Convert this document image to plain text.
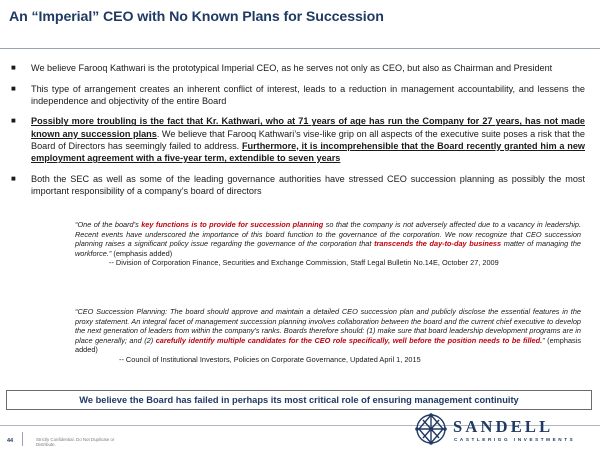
An “Imperial” CEO with No Known Plans for Succession
■	We believe Farooq Kathwari is the prototypical Imperial CEO, as he serves not only as CEO, but also as Chairman and President
■	This type of arrangement creates an inherent conflict of interest, leads to a reduction in management accountability, and lessens the independence and objectivity of the entire Board
■	Possibly more troubling is the fact that Kr. Kathwari, who at 71 years of age has run the Company for 27 years, has not made known any succession plans. We believe that Farooq Kathwari’s vise-like grip on all aspects of the executive suite poses a risk that the Board of Directors has seemingly failed to address. Furthermore, it is incomprehensible that the Board recently granted him a new employment agreement with a five-year term, extendible to seven years
■	Both the SEC as well as some of the leading governance authorities have stressed CEO succession planning as possibly the most important responsibility of a company’s board of directors
“One of the board’s key functions is to provide for succession planning so that the company is not adversely affected due to a vacancy in leadership. Recent events have underscored the importance of this board function to the governance of the corporation. We now recognize that CEO succession planning raises a significant policy issue regarding the governance of the corporation that transcends the day-to-day business matter of managing the workforce.” (emphasis added)
-- Division of Corporation Finance, Securities and Exchange Commission, Staff Legal Bulletin No.14E, October 27, 2009
“CEO Succession Planning: The board should approve and maintain a detailed CEO succession plan and publicly disclose the essential features in the proxy statement. An integral facet of management succession planning involves collaboration between the board and the current chief executive to develop the next generation of leaders from within the company’s ranks. Boards therefore should: (1) make sure that board leadership development programs are in place generally; and (2) carefully identify multiple candidates for the CEO role specifically, well before the position needs to be filled.” (emphasis added)
-- Council of Institutional Investors, Policies on Corporate Governance, Updated April 1, 2015
We believe the Board has failed in perhaps its most critical role of ensuring management continuity
44	Strictly Confidential. Do Not Duplicate or Distribute.
SANDELL
CASTLERIGG INVESTMENTS
